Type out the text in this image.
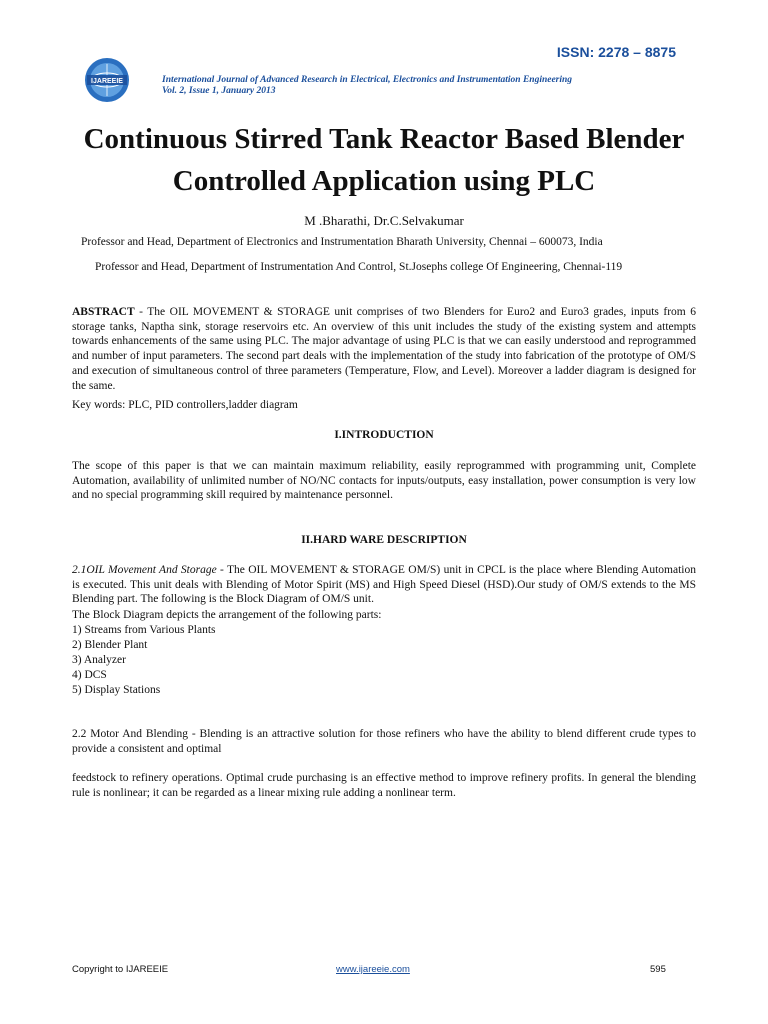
ISSN: 2278 – 8875
IJAREEIE	International Journal of Advanced Research in Electrical, Electronics and Instrumentation Engineering
Vol. 2, Issue 1, January 2013
Continuous Stirred Tank Reactor Based Blender
Controlled Application using PLC
M .Bharathi, Dr.C.Selvakumar
Professor and Head, Department of Electronics and Instrumentation Bharath University, Chennai – 600073, India
Professor and Head, Department of Instrumentation And Control, St.Josephs college Of Engineering, Chennai-119
ABSTRACT - The OIL MOVEMENT & STORAGE unit comprises of two Blenders for Euro2 and Euro3 grades, inputs from 6 storage tanks, Naptha sink, storage reservoirs etc. An overview of this unit includes the study of the existing system and attempts towards enhancements of the same using PLC. The major advantage of using PLC is that we can easily understood and reprogrammed and number of input parameters. The second part deals with the implementation of the study into fabrication of the prototype of OM/S and execution of simultaneous control of three parameters (Temperature, Flow, and Level). Moreover a ladder diagram is designed for the same.
Key words: PLC, PID controllers,ladder diagram
I.INTRODUCTION
The scope of this paper is that we can maintain maximum reliability, easily reprogrammed with programming unit, Complete Automation, availability of unlimited number of NO/NC contacts for inputs/outputs, easy installation, power consumption is very low and no special programming skill required by maintenance personnel.
II.HARD WARE DESCRIPTION
2.1OIL Movement And Storage - The OIL MOVEMENT & STORAGE OM/S) unit in CPCL is the place where Blending Automation is executed. This unit deals with Blending of Motor Spirit (MS) and High Speed Diesel (HSD).Our study of OM/S extends to the MS Blending part. The following is the Block Diagram of OM/S unit.
The Block Diagram depicts the arrangement of the following parts:
1) Streams from Various Plants
2) Blender Plant
3) Analyzer
4) DCS
5) Display Stations
2.2 Motor And Blending - Blending is an attractive solution for those refiners who have the ability to blend different crude types to provide a consistent and optimal
feedstock to refinery operations. Optimal crude purchasing is an effective method to improve refinery profits. In general the blending rule is nonlinear; it can be regarded as a linear mixing rule adding a nonlinear term.
Copyright to IJAREEIE	www.ijareeie.com	595
